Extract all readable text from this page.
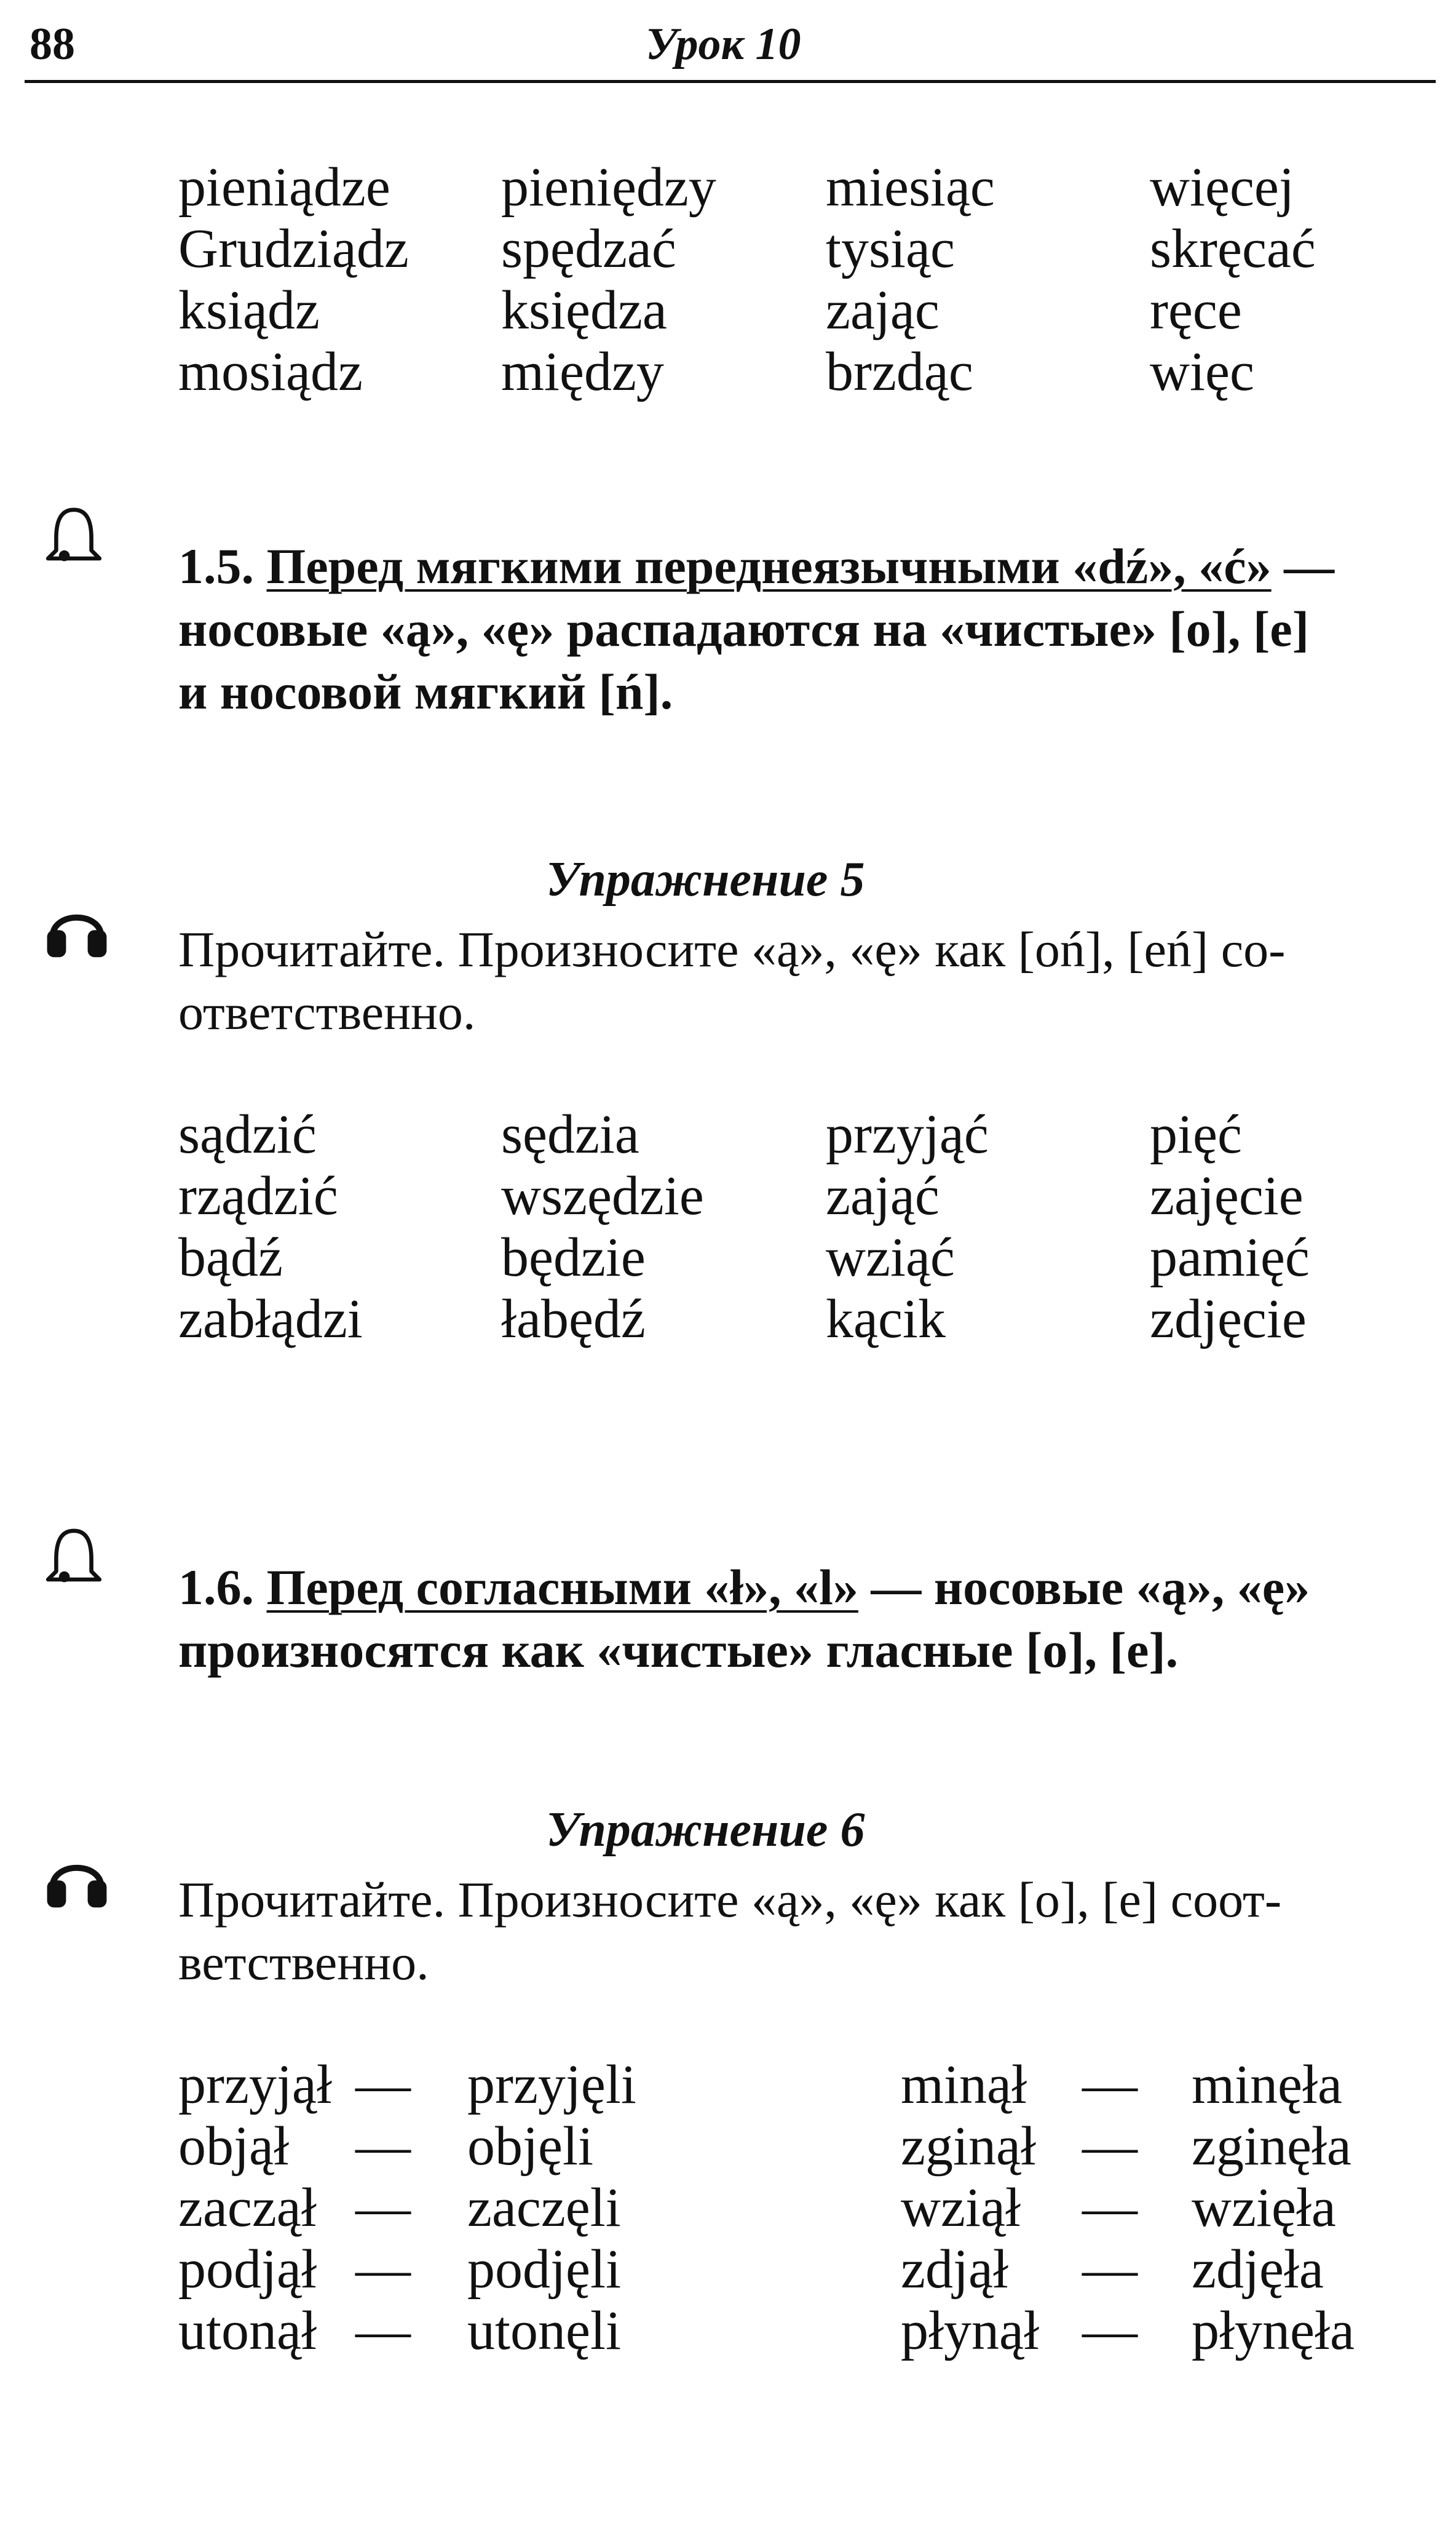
88	Урок 10
pieniądze
Grudziądz
ksiądz
mosiądz
pieniędzy
spędzać
księdza
między
miesiąc
tysiąc
zając
brzdąc
więcej
skręcać
ręce
więc
1.5. Перед мягкими переднеязычными «dź», «ć» —
носовые «ą», «ę» распадаются на «чистые» [o], [e]
и носовой мягкий [ń].
Упражнение 5
Прочитайте. Произносите «ą», «ę» как [oń], [eń] со-
ответственно.
sądzić
rządzić
bądź
zabłądzi
sędzia
wszędzie
będzie
łabędź
przyjąć
zająć
wziąć
kącik
pięć
zajęcie
pamięć
zdjęcie
1.6. Перед согласными «ł», «l» — носовые «ą», «ę»
произносятся как «чистые» гласные [o], [e].
Упражнение 6
Прочитайте. Произносите «ą», «ę» как [o], [e] соот-
ветственно.
przyjął — przyjęli
objął — objęli
zaczął — zaczęli
podjął — podjęli
utonął — utonęli
minął — minęła
zginął — zginęła
wziął — wzięła
zdjął — zdjęła
płynął — płynęła
